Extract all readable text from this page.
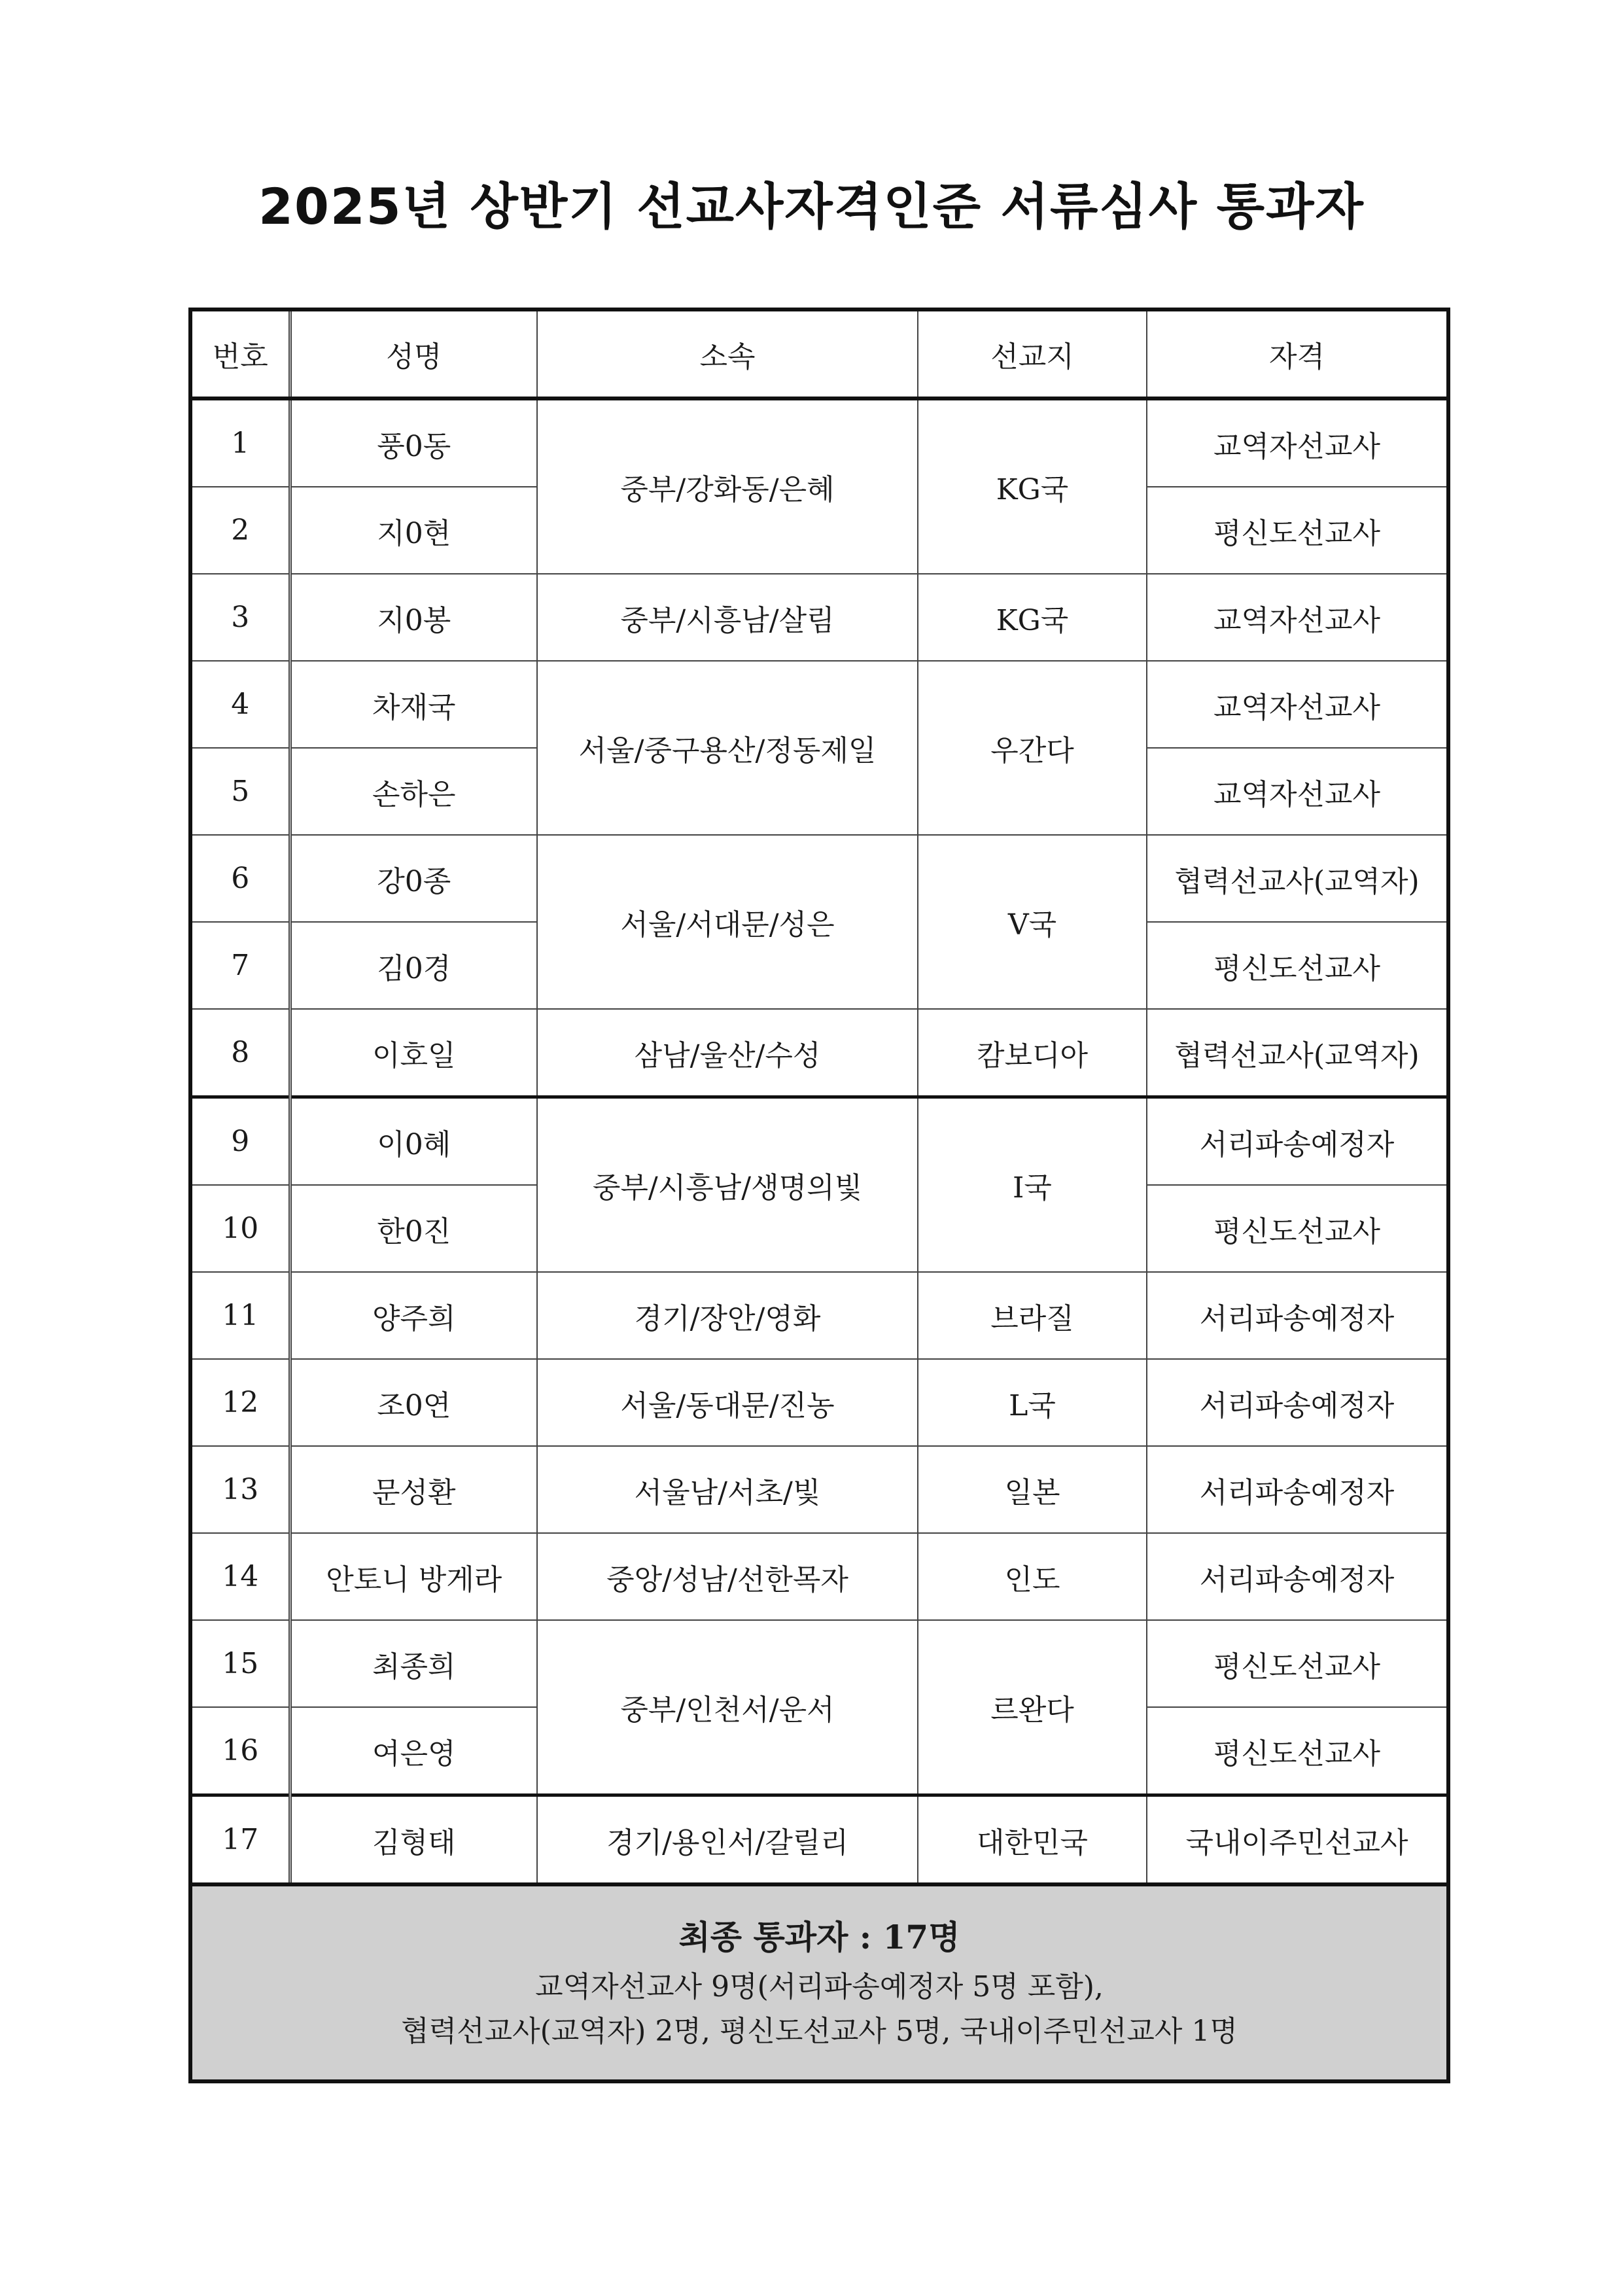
2025년 상반기 선교사자격인준 서류심사 통과자
번호	성명	소속	선교지	자격
1	풍0동	중부/강화동/은혜	KG국	교역자선교사
2	지0현			평신도선교사
3	지0봉	중부/시흥남/살림	KG국	교역자선교사
4	차재국	서울/중구용산/정동제일	우간다	교역자선교사
5	손하은			교역자선교사
6	강0종	서울/서대문/성은	V국	협력선교사(교역자)
7	김0경			평신도선교사
8	이호일	삼남/울산/수성	캄보디아	협력선교사(교역자)
9	이0혜	중부/시흥남/생명의빛	I국	서리파송예정자
10	한0진			평신도선교사
11	양주희	경기/장안/영화	브라질	서리파송예정자
12	조0연	서울/동대문/진농	L국	서리파송예정자
13	문성환	서울남/서초/빛	일본	서리파송예정자
14	안토니 방게라	중앙/성남/선한목자	인도	서리파송예정자
15	최종희	중부/인천서/운서	르완다	평신도선교사
16	여은영			평신도선교사
17	김형태	경기/용인서/갈릴리	대한민국	국내이주민선교사

최종 통과자 : 17명
교역자선교사 9명(서리파송예정자 5명 포함),
협력선교사(교역자) 2명, 평신도선교사 5명, 국내이주민선교사 1명				
